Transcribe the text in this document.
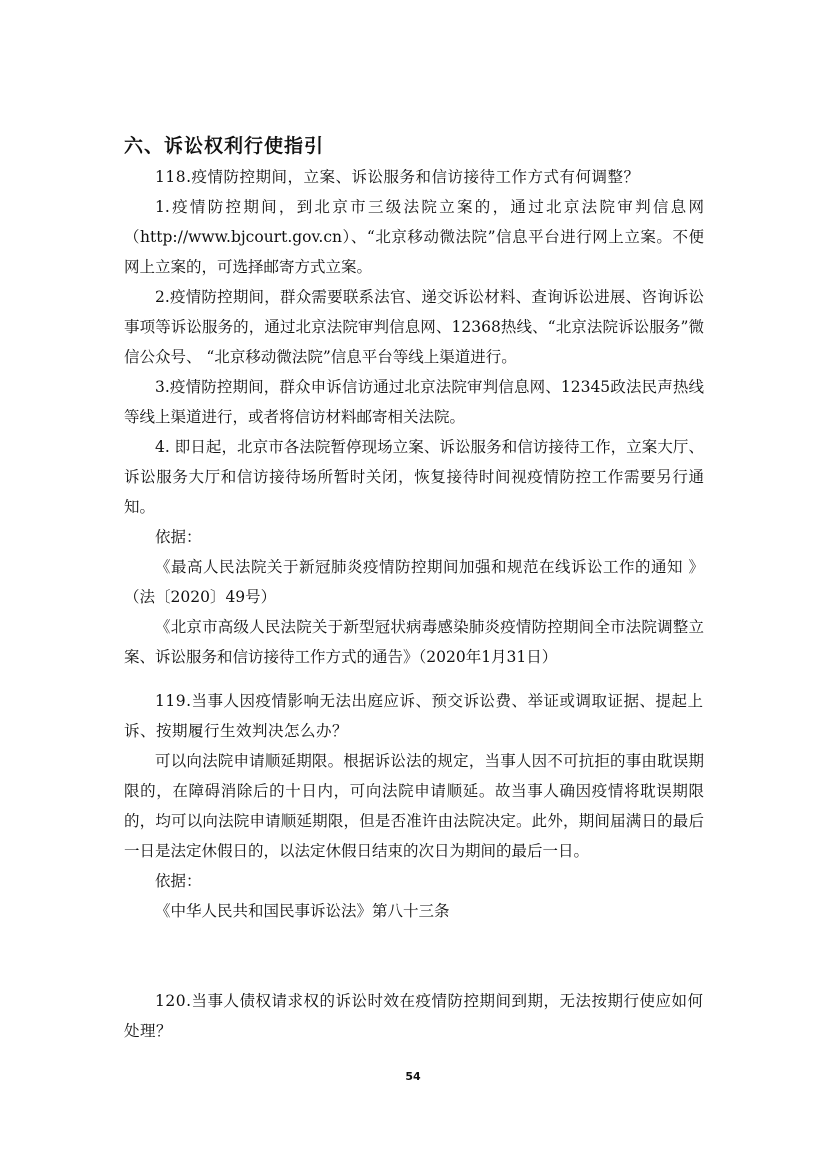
六、诉讼权利行使指引

118.疫情防控期间，立案、诉讼服务和信访接待工作方式有何调整？

1.疫情防控期间，到北京市三级法院立案的，通过北京法院审判信息网（http://www.bjcourt.gov.cn）、“北京移动微法院”信息平台进行网上立案。不便网上立案的，可选择邮寄方式立案。

2.疫情防控期间，群众需要联系法官、递交诉讼材料、查询诉讼进展、咨询诉讼事项等诉讼服务的，通过北京法院审判信息网、12368热线、“北京法院诉讼服务”微信公众号、 “北京移动微法院”信息平台等线上渠道进行。

3.疫情防控期间，群众申诉信访通过北京法院审判信息网、12345政法民声热线等线上渠道进行，或者将信访材料邮寄相关法院。

4. 即日起，北京市各法院暂停现场立案、诉讼服务和信访接待工作，立案大厅、诉讼服务大厅和信访接待场所暂时关闭，恢复接待时间视疫情防控工作需要另行通知。

依据：

《最高人民法院关于新冠肺炎疫情防控期间加强和规范在线诉讼工作的通知 》（法〔2020〕49号）

《北京市高级人民法院关于新型冠状病毒感染肺炎疫情防控期间全市法院调整立案、诉讼服务和信访接待工作方式的通告》（2020年1月31日）

119.当事人因疫情影响无法出庭应诉、预交诉讼费、举证或调取证据、提起上诉、按期履行生效判决怎么办？

可以向法院申请顺延期限。根据诉讼法的规定，当事人因不可抗拒的事由耽误期限的，在障碍消除后的十日内，可向法院申请顺延。故当事人确因疫情将耽误期限的，均可以向法院申请顺延期限，但是否准许由法院决定。此外，期间届满日的最后一日是法定休假日的，以法定休假日结束的次日为期间的最后一日。

依据：

《中华人民共和国民事诉讼法》第八十三条

120.当事人债权请求权的诉讼时效在疫情防控期间到期，无法按期行使应如何处理？

54
